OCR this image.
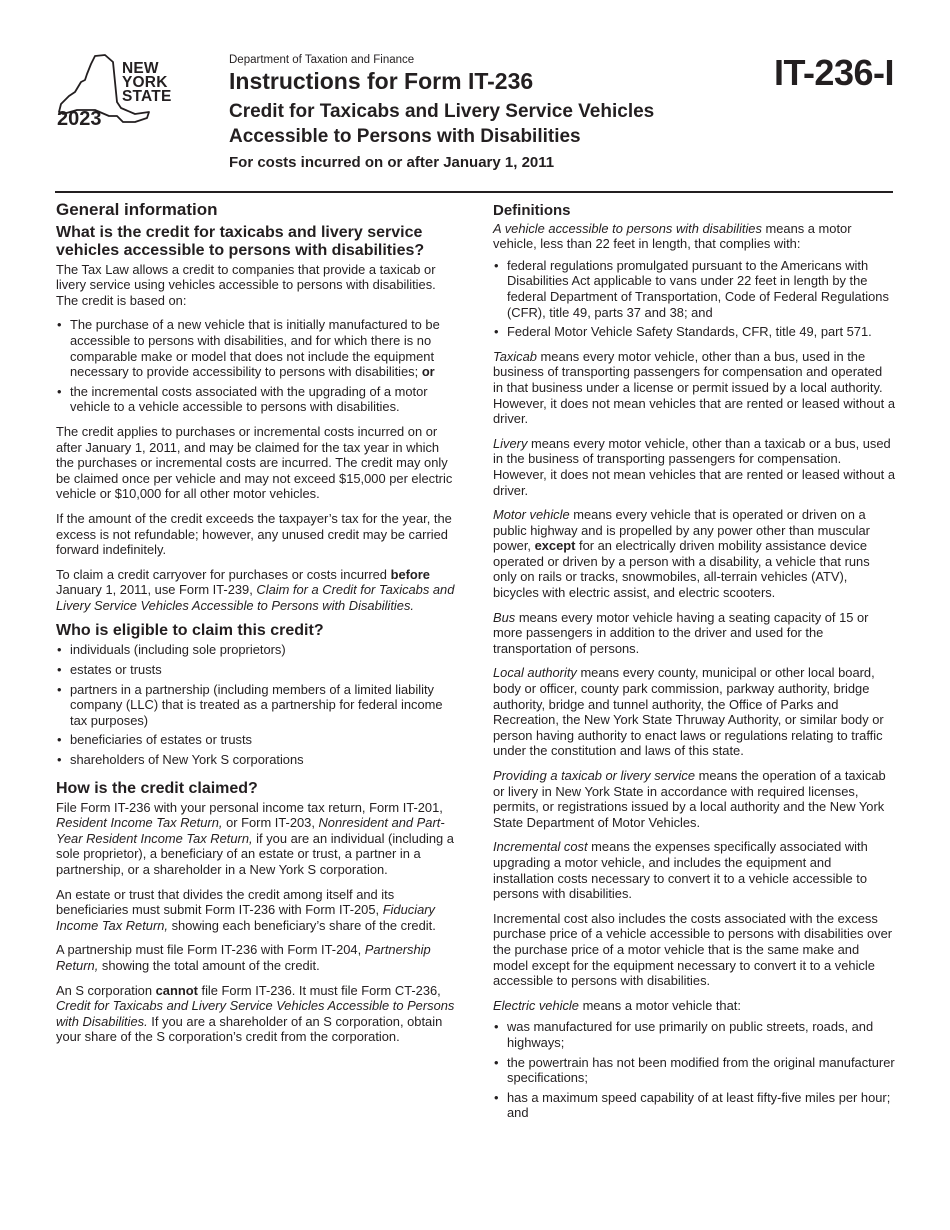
NEW
YORK
STATE
2023
Department of Taxation and Finance
Instructions for Form IT-236
Credit for Taxicabs and Livery Service Vehicles
Accessible to Persons with Disabilities
For costs incurred on or after January 1, 2011
IT-236-I
General information
What is the credit for taxicabs and livery service vehicles accessible to persons with disabilities?

The Tax Law allows a credit to companies that provide a taxicab or livery service using vehicles accessible to persons with disabilities. The credit is based on:

• The purchase of a new vehicle that is initially manufactured to be accessible to persons with disabilities, and for which there is no comparable make or model that does not include the equipment necessary to provide accessibility to persons with disabilities; or
• the incremental costs associated with the upgrading of a motor vehicle to a vehicle accessible to persons with disabilities.

The credit applies to purchases or incremental costs incurred on or after January 1, 2011, and may be claimed for the tax year in which the purchases or incremental costs are incurred. The credit may only be claimed once per vehicle and may not exceed $15,000 per electric vehicle or $10,000 for all other motor vehicles.

If the amount of the credit exceeds the taxpayer’s tax for the year, the excess is not refundable; however, any unused credit may be carried forward indefinitely.

To claim a credit carryover for purchases or costs incurred before January 1, 2011, use Form IT-239, Claim for a Credit for Taxicabs and Livery Service Vehicles Accessible to Persons with Disabilities.

Who is eligible to claim this credit?
• individuals (including sole proprietors)
• estates or trusts
• partners in a partnership (including members of a limited liability company (LLC) that is treated as a partnership for federal income tax purposes)
• beneficiaries of estates or trusts
• shareholders of New York S corporations
How is the credit claimed?

File Form IT-236 with your personal income tax return, Form IT-201, Resident Income Tax Return, or Form IT-203, Nonresident and Part-Year Resident Income Tax Return, if you are an individual (including a sole proprietor), a beneficiary of an estate or trust, a partner in a partnership, or a shareholder in a New York S corporation.

An estate or trust that divides the credit among itself and its beneficiaries must submit Form IT-236 with Form IT-205, Fiduciary Income Tax Return, showing each beneficiary’s share of the credit.

A partnership must file Form IT-236 with Form IT-204, Partnership Return, showing the total amount of the credit.

An S corporation cannot file Form IT-236. It must file Form CT-236, Credit for Taxicabs and Livery Service Vehicles Accessible to Persons with Disabilities. If you are a shareholder of an S corporation, obtain your share of the S corporation’s credit from the corporation.

Definitions

A vehicle accessible to persons with disabilities means a motor vehicle, less than 22 feet in length, that complies with:

• federal regulations promulgated pursuant to the Americans with Disabilities Act applicable to vans under 22 feet in length by the federal Department of Transportation, Code of Federal Regulations (CFR), title 49, parts 37 and 38; and
• Federal Motor Vehicle Safety Standards, CFR, title 49, part 571.

Taxicab means every motor vehicle, other than a bus, used in the business of transporting passengers for compensation and operated in that business under a license or permit issued by a local authority. However, it does not mean vehicles that are rented or leased without a driver.

Livery means every motor vehicle, other than a taxicab or a bus, used in the business of transporting passengers for compensation. However, it does not mean vehicles that are rented or leased without a driver.

Motor vehicle means every vehicle that is operated or driven on a public highway and is propelled by any power other than muscular power, except for an electrically driven mobility assistance device operated or driven by a person with a disability, a vehicle that runs only on rails or tracks, snowmobiles, all-terrain vehicles (ATV), bicycles with electric assist, and electric scooters.

Bus means every motor vehicle having a seating capacity of 15 or more passengers in addition to the driver and used for the transportation of persons.

Local authority means every county, municipal or other local board, body or officer, county park commission, parkway authority, bridge authority, bridge and tunnel authority, the Office of Parks and Recreation, the New York State Thruway Authority, or similar body or person having authority to enact laws or regulations relating to traffic under the constitution and laws of this state.

Providing a taxicab or livery service means the operation of a taxicab or livery in New York State in accordance with required licenses, permits, or registrations issued by a local authority and the New York State Department of Motor Vehicles.

Incremental cost means the expenses specifically associated with upgrading a motor vehicle, and includes the equipment and installation costs necessary to convert it to a vehicle accessible to persons with disabilities.

Incremental cost also includes the costs associated with the excess purchase price of a vehicle accessible to persons with disabilities over the purchase price of a motor vehicle that is the same make and model except for the equipment necessary to convert it to a vehicle accessible to persons with disabilities.

Electric vehicle means a motor vehicle that:

• was manufactured for use primarily on public streets, roads, and highways;
• the powertrain has not been modified from the original manufacturer specifications;
• has a maximum speed capability of at least fifty-five miles per hour; and
